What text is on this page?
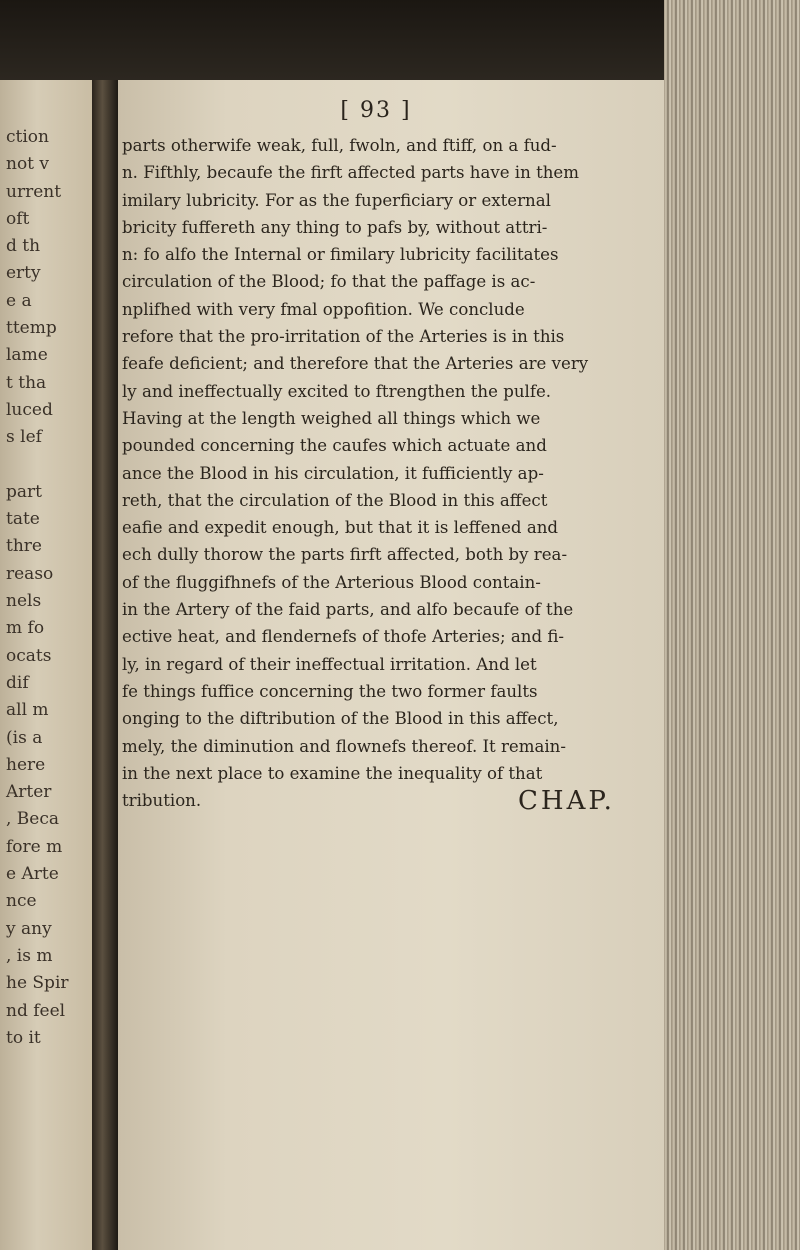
ction
not v
urrent
oft
d th
erty
e a
ttemp
lame
t tha
luced
s lef

part
tate
thre
reaso
nels
m fo
ocats
dif
all m
(is a
here
Arter
, Beca
fore m
e Arte
nce
y any
, is m
he Spir
nd feel
to it
[ 93 ]
parts otherwife weak, full, fwoln, and ftiff, on a fud-
n. Fifthly, becaufe the firft affected parts have in them
imilary lubricity. For as the fuperficiary or external
bricity fuffereth any thing to pafs by, without attri-
n: fo alfo the Internal or fimilary lubricity facilitates
circulation of the Blood; fo that the paffage is ac-
nplifhed with very fmal oppofition. We conclude
refore that the pro-irritation of the Arteries is in this
feafe deficient; and therefore that the Arteries are very
ly and ineffectually excited to ftrengthen the pulfe.
Having at the length weighed all things which we
pounded concerning the caufes which actuate and
ance the Blood in his circulation, it fufficiently ap-
reth, that the circulation of the Blood in this affect
eafie and expedit enough, but that it is leffened and
ech dully thorow the parts firft affected, both by rea-
of the fluggifhnefs of the Arterious Blood contain-
in the Artery of the faid parts, and alfo becaufe of the
ective heat, and flendernefs of thofe Arteries; and fi-
ly, in regard of their ineffectual irritation. And let
fe things fuffice concerning the two former faults
onging to the diftribution of the Blood in this affect,
mely, the diminution and flownefs thereof. It remain-
in the next place to examine the inequality of that
tribution.	CHAP.
